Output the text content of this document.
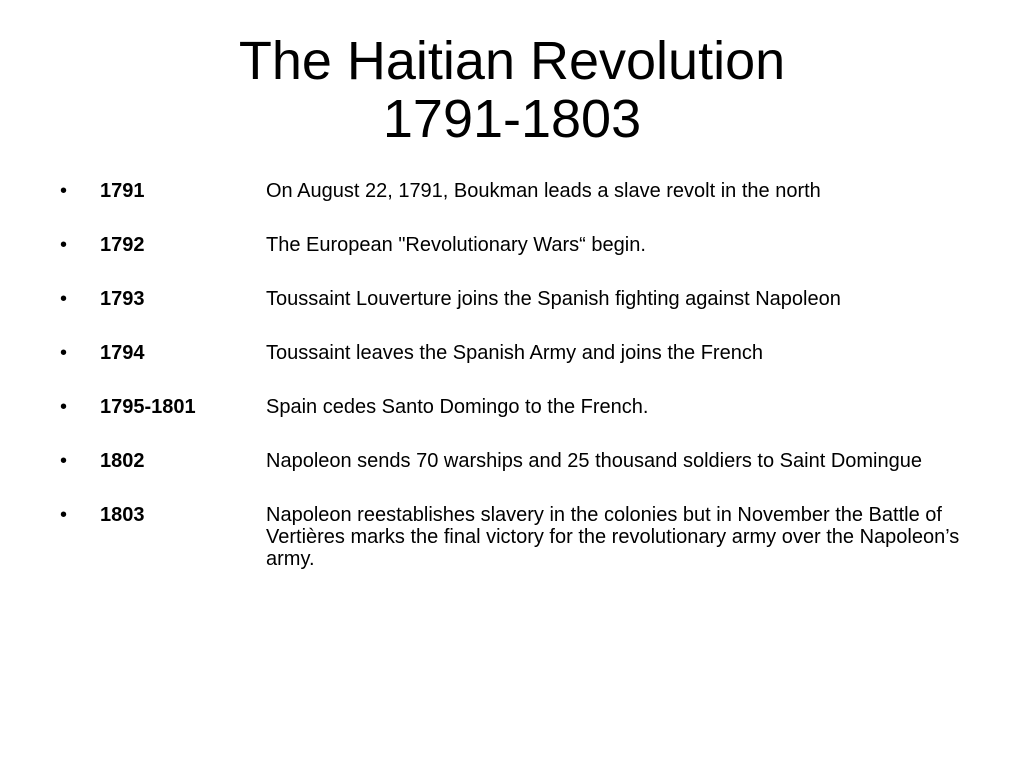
The Haitian Revolution
1791-1803
• 1791	On August 22, 1791, Boukman leads a slave revolt in the north
• 1792	The European "Revolutionary Wars“ begin.
• 1793	Toussaint Louverture joins the Spanish fighting against Napoleon
• 1794	Toussaint leaves the Spanish Army and joins the French
• 1795-1801	Spain cedes Santo Domingo to the French.
• 1802	Napoleon sends 70 warships and 25 thousand soldiers to Saint Domingue
• 1803	Napoleon reestablishes slavery in the colonies but in November the Battle of Vertières marks the final victory for the revolutionary army over the Napoleon’s army.
